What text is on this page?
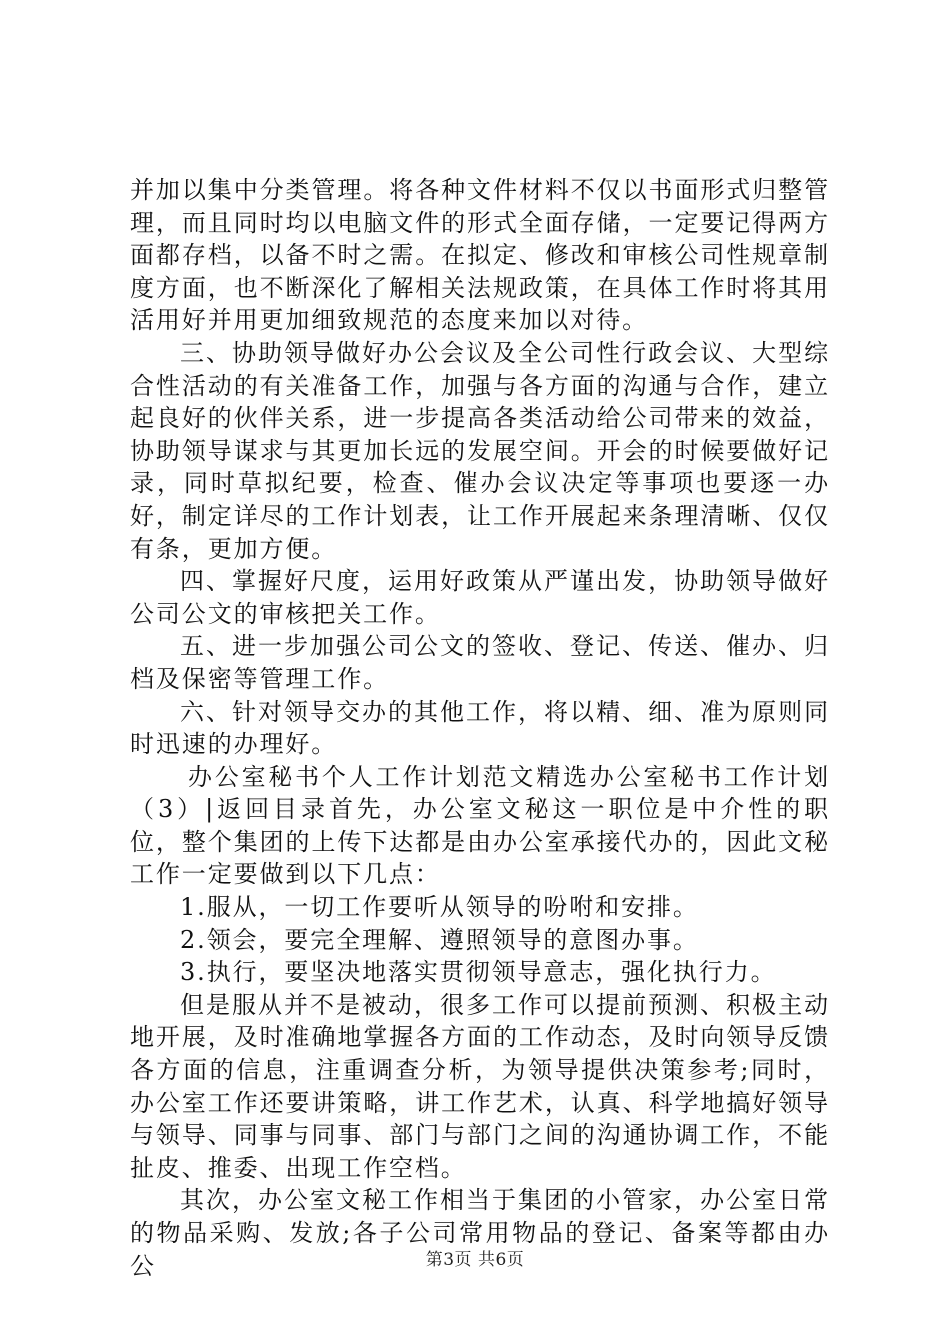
并加以集中分类管理。将各种文件材料不仅以书面形式归整管理，而且同时均以电脑文件的形式全面存储，一定要记得两方面都存档，以备不时之需。在拟定、修改和审核公司性规章制度方面，也不断深化了解相关法规政策，在具体工作时将其用活用好并用更加细致规范的态度来加以对待。

三、协助领导做好办公会议及全公司性行政会议、大型综合性活动的有关准备工作，加强与各方面的沟通与合作，建立起良好的伙伴关系，进一步提高各类活动给公司带来的效益，协助领导谋求与其更加长远的发展空间。开会的时候要做好记录，同时草拟纪要，检查、催办会议决定等事项也要逐一办好，制定详尽的工作计划表，让工作开展起来条理清晰、仅仅有条，更加方便。

四、掌握好尺度，运用好政策从严谨出发，协助领导做好公司公文的审核把关工作。

五、进一步加强公司公文的签收、登记、传送、催办、归档及保密等管理工作。

六、针对领导交办的其他工作，将以精、细、准为原则同时迅速的办理好。

办公室秘书个人工作计划范文精选办公室秘书工作计划（3）|返回目录首先，办公室文秘这一职位是中介性的职位，整个集团的上传下达都是由办公室承接代办的，因此文秘工作一定要做到以下几点：

1.服从，一切工作要听从领导的吩咐和安排。

2.领会，要完全理解、遵照领导的意图办事。

3.执行，要坚决地落实贯彻领导意志，强化执行力。

但是服从并不是被动，很多工作可以提前预测、积极主动地开展，及时准确地掌握各方面的工作动态，及时向领导反馈各方面的信息，注重调查分析，为领导提供决策参考;同时，办公室工作还要讲策略，讲工作艺术，认真、科学地搞好领导与领导、同事与同事、部门与部门之间的沟通协调工作，不能扯皮、推委、出现工作空档。

其次，办公室文秘工作相当于集团的小管家，办公室日常的物品采购、发放;各子公司常用物品的登记、备案等都由办公	第3页 共6页
